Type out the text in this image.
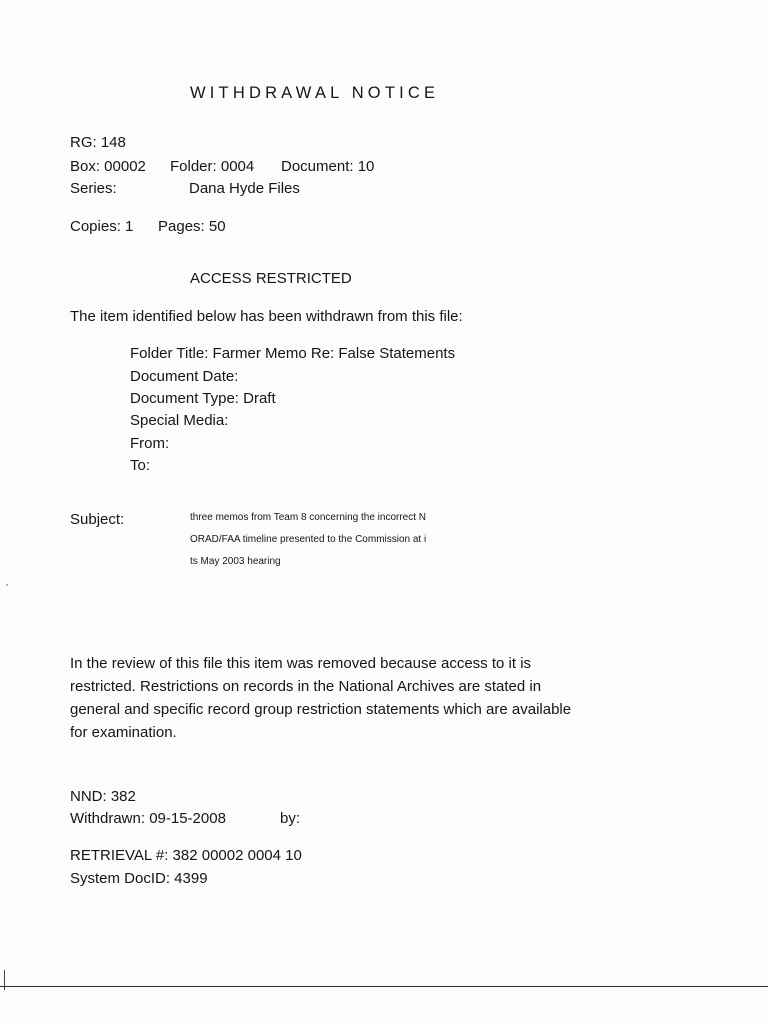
WITHDRAWAL NOTICE
RG: 148
Box: 00002 Folder: 0004 Document: 10
Series:	Dana Hyde Files
Copies: 1 Pages: 50
ACCESS RESTRICTED
The item identified below has been withdrawn from this file:
Folder Title: Farmer Memo Re: False Statements
Document Date:
Document Type: Draft
Special Media:
From:
To:
Subject:	three memos from Team 8 concerning the incorrect N
ORAD/FAA timeline presented to the Commission at i
ts May 2003 hearing
In the review of this file this item was removed because access to it is
restricted. Restrictions on records in the National Archives are stated in
general and specific record group restriction statements which are available
for examination.
NND: 382
Withdrawn: 09-15-2008	by:
RETRIEVAL #: 382 00002 0004 10
System DocID: 4399
